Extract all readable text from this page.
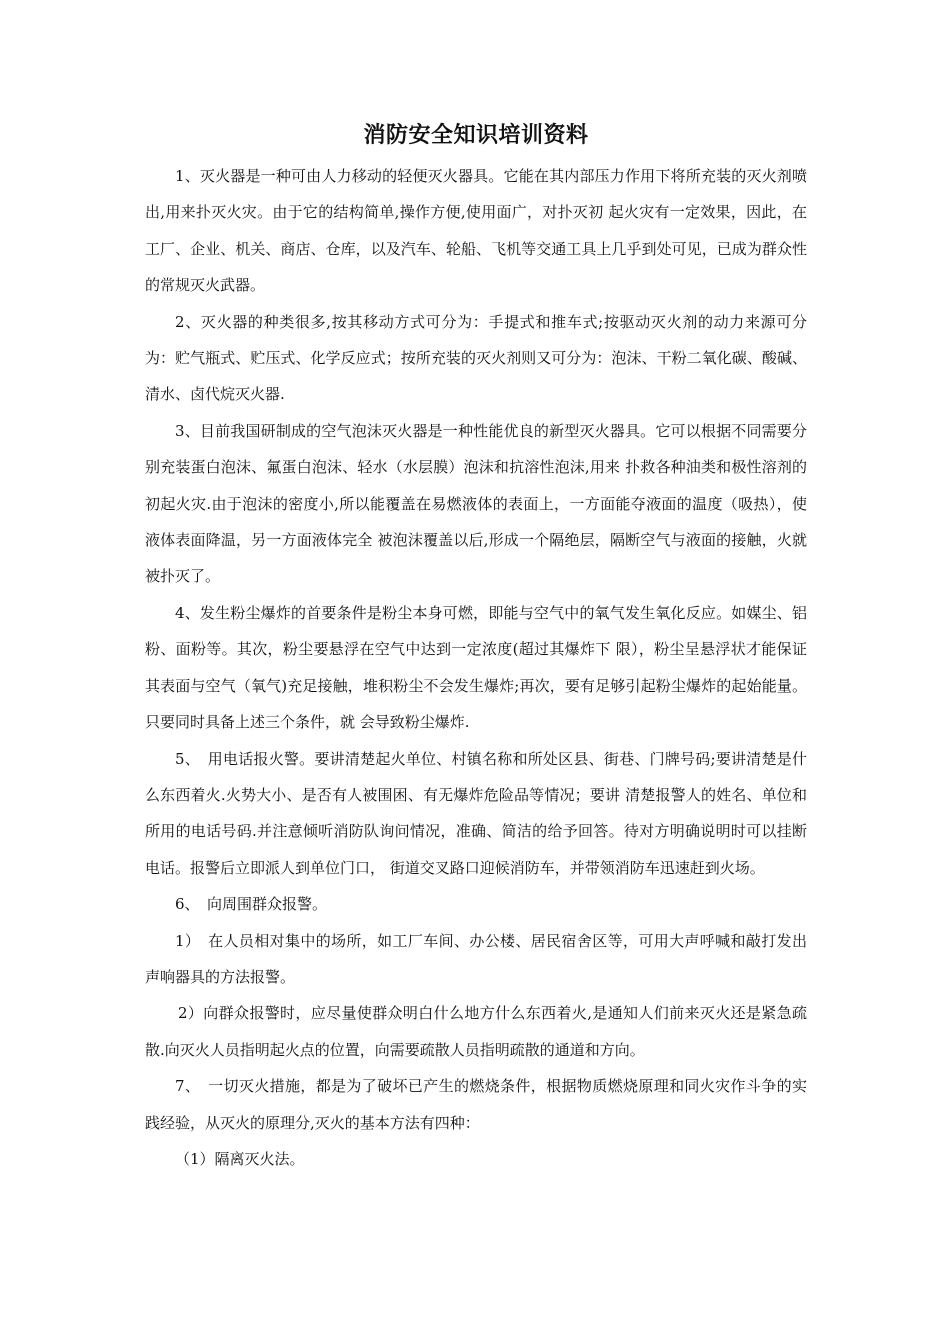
消防安全知识培训资料

1、灭火器是一种可由人力移动的轻便灭火器具。它能在其内部压力作用下将所充装的灭火剂喷出,用来扑灭火灾。由于它的结构简单,操作方便,使用面广，对扑灭初 起火灾有一定效果，因此，在工厂、企业、机关、商店、仓库，以及汽车、轮船、飞机等交通工具上几乎到处可见，已成为群众性的常规灭火武器。

2、灭火器的种类很多,按其移动方式可分为：手提式和推车式;按驱动灭火剂的动力来源可分为：贮气瓶式、贮压式、化学反应式；按所充装的灭火剂则又可分为：泡沫、干粉二氧化碳、酸碱、清水、卤代烷灭火器.

3、目前我国研制成的空气泡沫灭火器是一种性能优良的新型灭火器具。它可以根据不同需要分别充装蛋白泡沫、氟蛋白泡沫、轻水（水层膜）泡沫和抗溶性泡沫,用来 扑救各种油类和极性溶剂的初起火灾.由于泡沫的密度小,所以能覆盖在易燃液体的表面上，一方面能夺液面的温度（吸热），使液体表面降温，另一方面液体完全 被泡沫覆盖以后,形成一个隔绝层，隔断空气与液面的接触，火就被扑灭了。

4、发生粉尘爆炸的首要条件是粉尘本身可燃，即能与空气中的氧气发生氧化反应。如媒尘、铝粉、面粉等。其次，粉尘要悬浮在空气中达到一定浓度(超过其爆炸下 限），粉尘呈悬浮状才能保证其表面与空气（氧气)充足接触，堆积粉尘不会发生爆炸;再次，要有足够引起粉尘爆炸的起始能量。只要同时具备上述三个条件，就 会导致粉尘爆炸.

5、　用电话报火警。要讲清楚起火单位、村镇名称和所处区县、街巷、门牌号码;要讲清楚是什么东西着火.火势大小、是否有人被围困、有无爆炸危险品等情况；要讲 清楚报警人的姓名、单位和所用的电话号码.并注意倾听消防队询问情况，准确、简洁的给予回答。待对方明确说明时可以挂断电话。报警后立即派人到单位门口， 街道交叉路口迎候消防车，并带领消防车迅速赶到火场。

6、　向周围群众报警。

1）　在人员相对集中的场所，如工厂车间、办公楼、居民宿舍区等，可用大声呼喊和敲打发出声响器具的方法报警。

2）向群众报警时，应尽量使群众明白什么地方什么东西着火,是通知人们前来灭火还是紧急疏散.向灭火人员指明起火点的位置，向需要疏散人员指明疏散的通道和方向。

7、　一切灭火措施，都是为了破坏已产生的燃烧条件，根据物质燃烧原理和同火灾作斗争的实践经验，从灭火的原理分,灭火的基本方法有四种：

（1）隔离灭火法。
